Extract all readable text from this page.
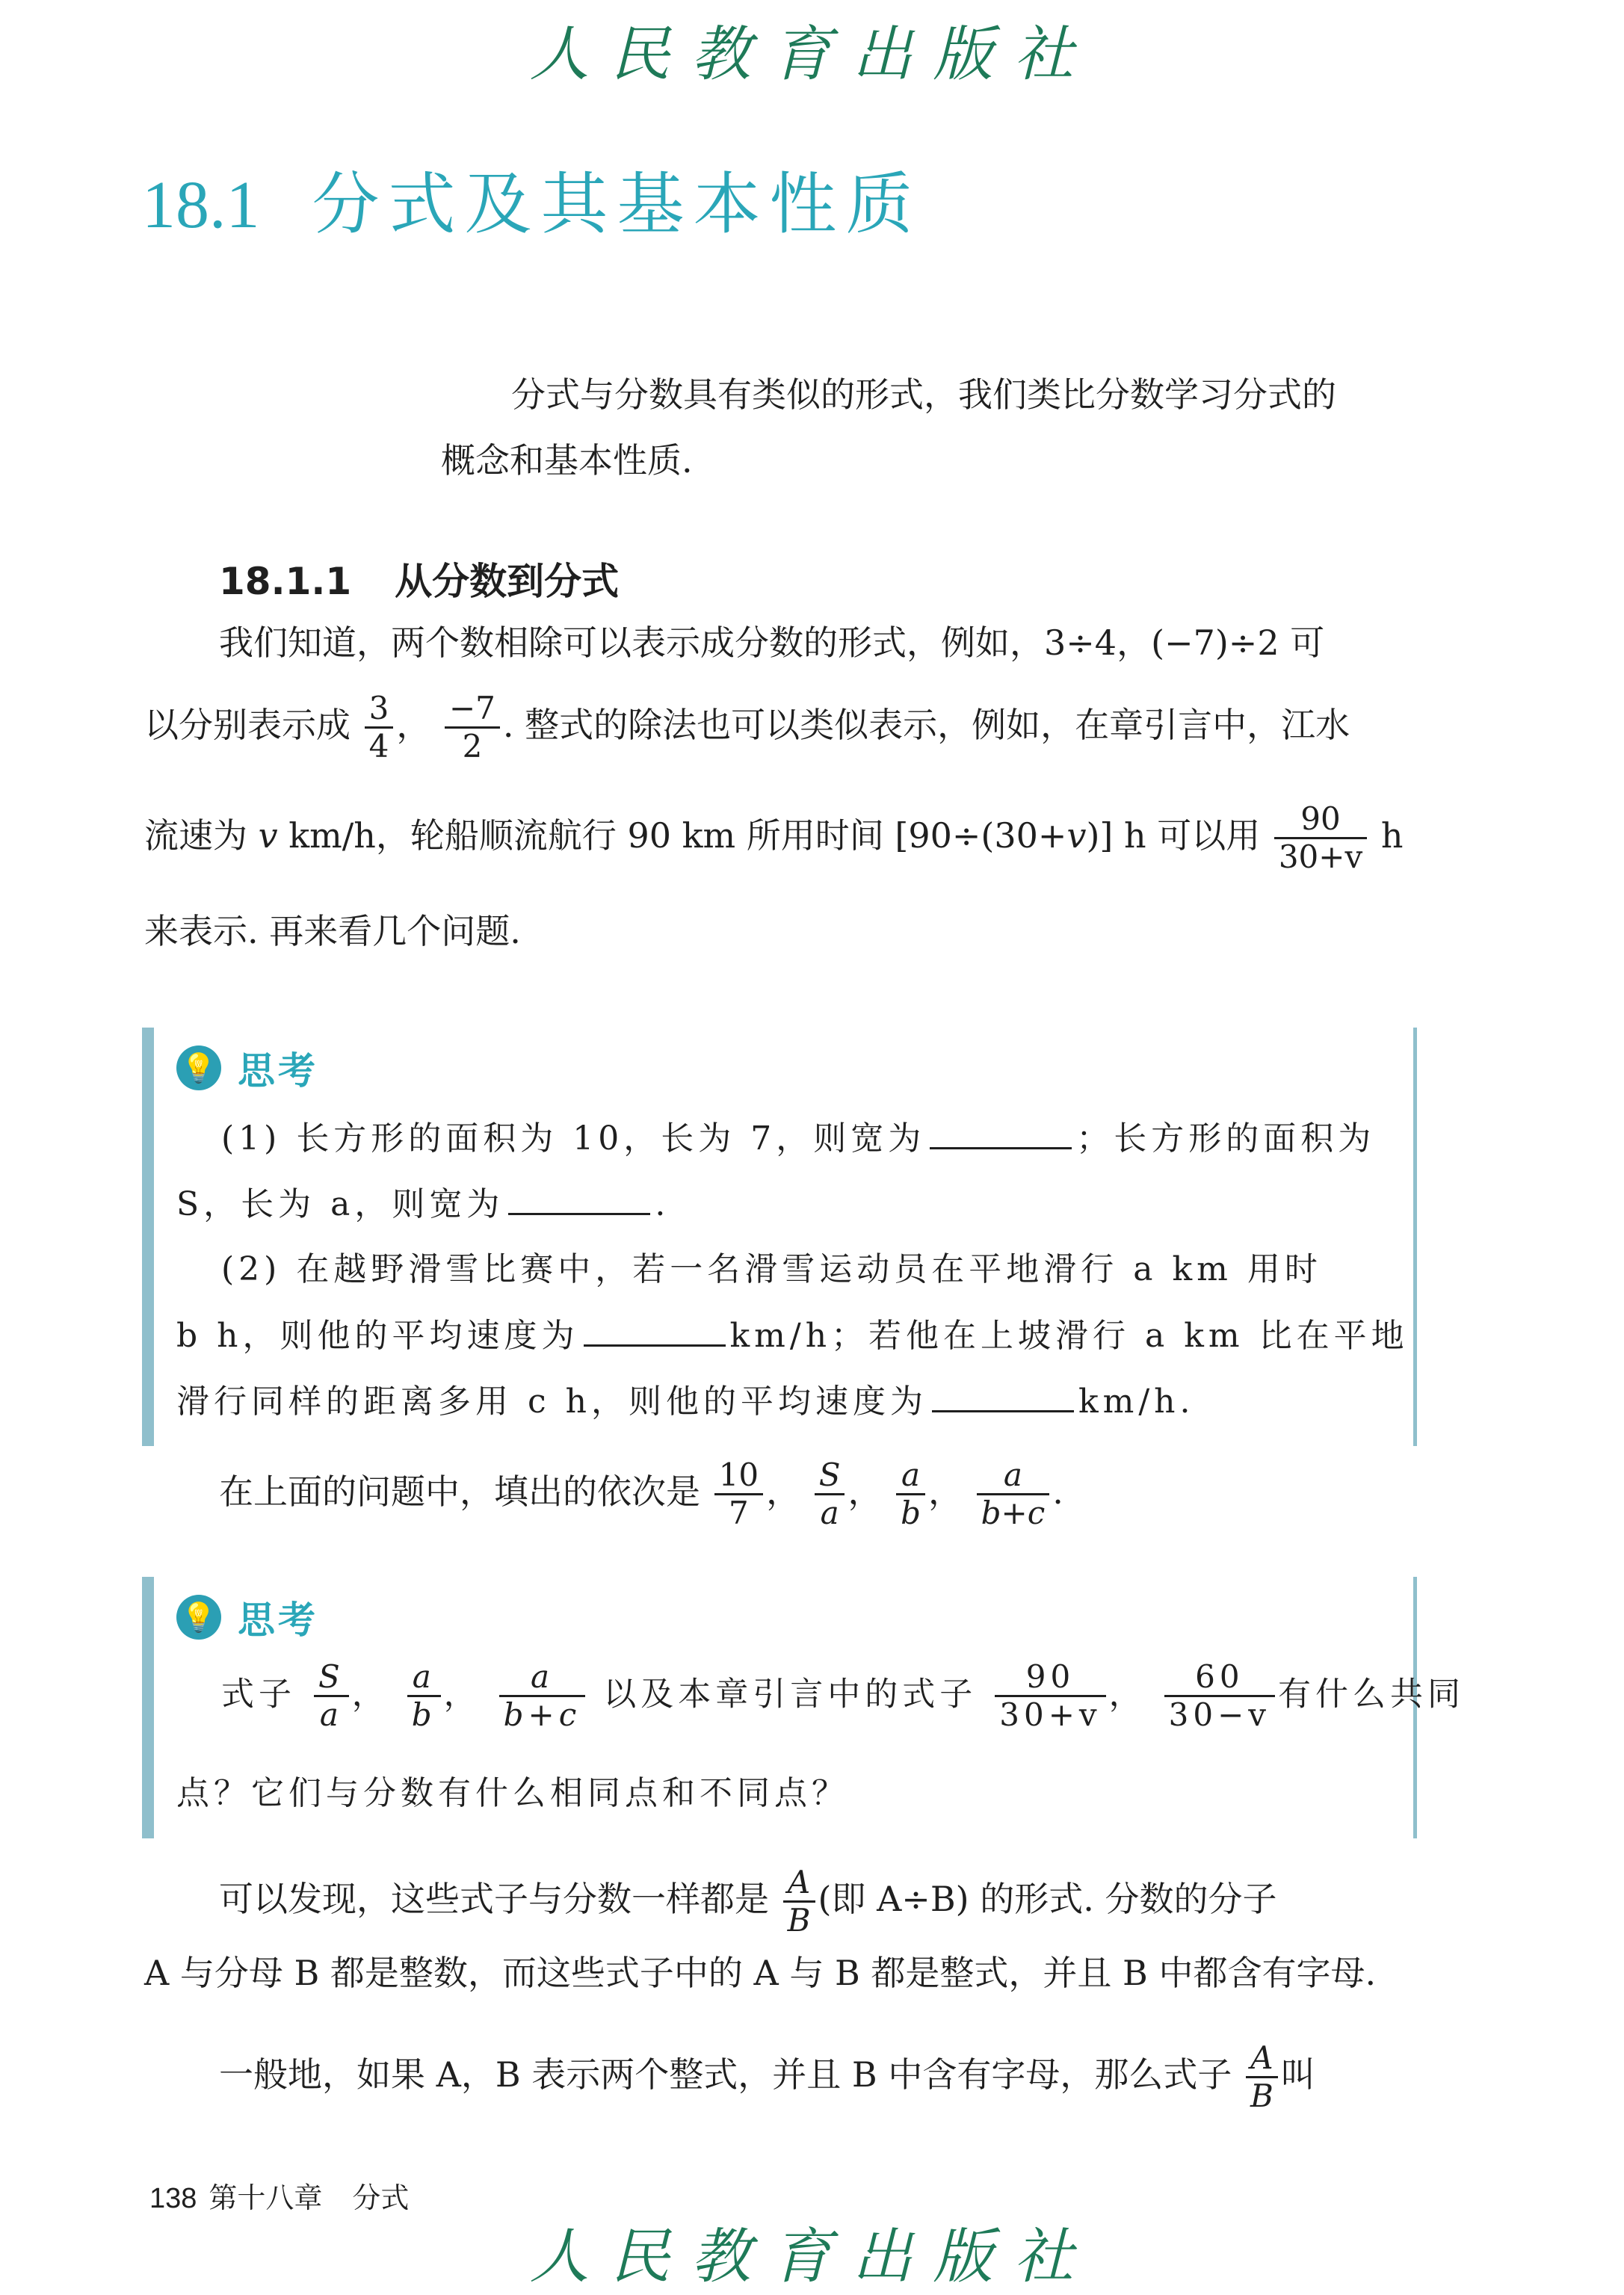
人民教育出版社
18.1 分式及其基本性质
分式与分数具有类似的形式，我们类比分数学习分式的
概念和基本性质.
18.1.1 从分数到分式
我们知道，两个数相除可以表示成分数的形式，例如，3÷4，(−7)÷2 可
以分别表示成 $\frac{3}{4}$ ， $\frac{-7}{2}$ . 整式的除法也可以类似表示，例如，在章引言中，江水
流速为 v km/h，轮船顺流航行 90 km 所用时间 [90÷(30+v)] h 可以用 $\frac{90}{30+v}$ h
来表示. 再来看几个问题.
💡 思考
(1) 长方形的面积为 10，长为 7，则宽为	；长方形的面积为
S，长为 a，则宽为	.
(2) 在越野滑雪比赛中，若一名滑雪运动员在平地滑行 a km 用时
b h，则他的平均速度为	km/h；若他在上坡滑行 a km 比在平地
滑行同样的距离多用 c h，则他的平均速度为	km/h.
在上面的问题中，填出的依次是 $\frac{10}{7}$ ， $\frac{S}{a}$ ， $\frac{a}{b}$ ， $\frac{a}{b+c}$ .
💡 思考
式子 $\frac{S}{a}$ ， $\frac{a}{b}$ ， $\frac{a}{b+c}$ 以及本章引言中的式子 $\frac{90}{30+v}$ ， $\frac{60}{30-v}$ 有什么共同
点？它们与分数有什么相同点和不同点？
可以发现，这些式子与分数一样都是 $\frac{A}{B}$ (即 A÷B) 的形式. 分数的分子
A 与分母 B 都是整数，而这些式子中的 A 与 B 都是整式，并且 B 中都含有字母.
一般地，如果 A，B 表示两个整式，并且 B 中含有字母，那么式子 $\frac{A}{B}$ 叫
138 第十八章 分式
人民教育出版社
